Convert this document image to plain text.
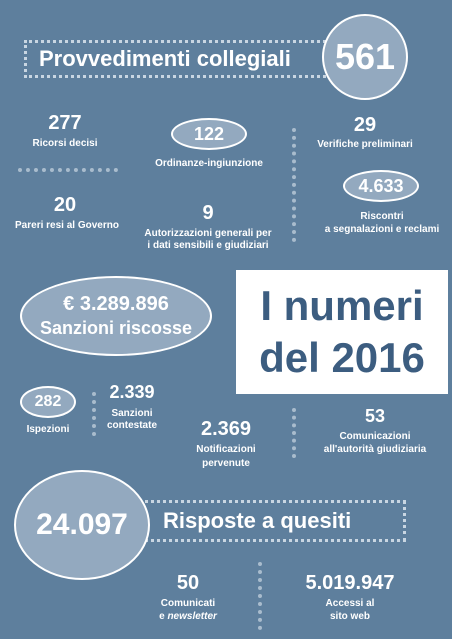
Provvedimenti collegiali 561
277
Ricorsi decisi	122
Ordinanze-ingiunzione
29
Verifiche preliminari
20
Pareri resi al Governo
9
Autorizzazioni generali per
i dati sensibili e giudiziari
4.633
Riscontri
a segnalazioni e reclami
€ 3.289.896
Sanzioni riscosse	I numeri
del 2016
282
Ispezioni
2.339
Sanzioni
contestate	2.369
Notificazioni
pervenute
53
Comunicazioni
all'autorità giudiziaria
Risposte a quesiti
24.097
50
Comunicati
e newsletter
5.019.947
Accessi al
sito web
